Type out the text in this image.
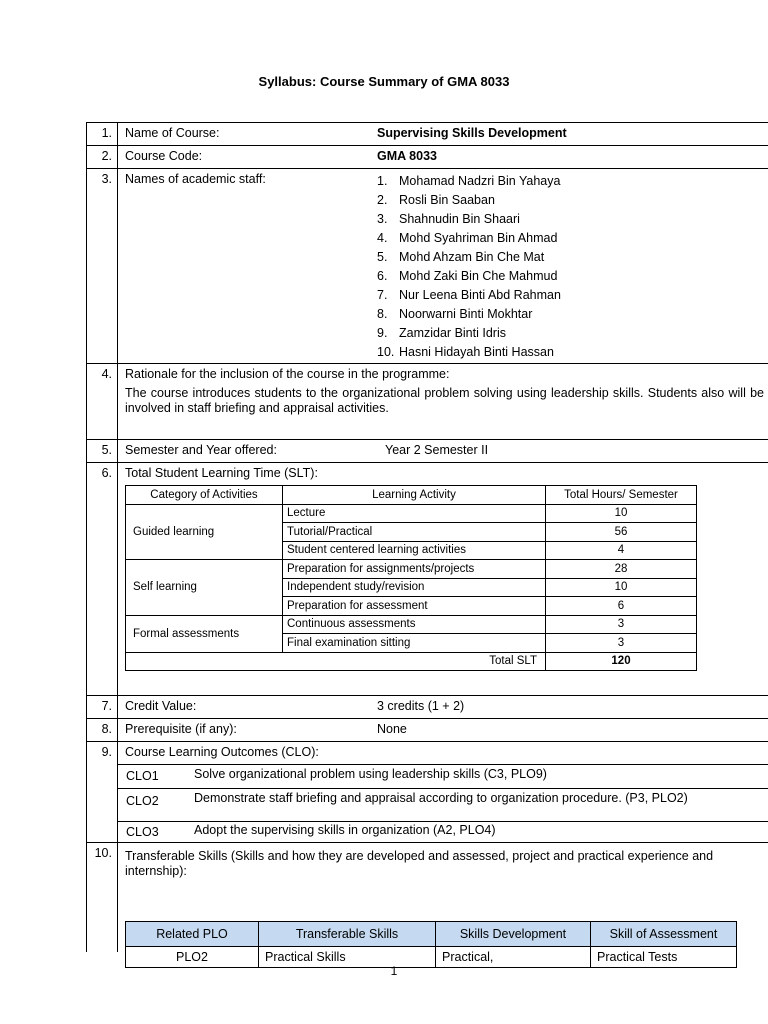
Syllabus: Course Summary of GMA 8033
1.	Name of Course:	Supervising Skills Development
2.	Course Code:	GMA 8033
3.	Names of academic staff:	1. Mohamad Nadzri Bin Yahaya
2. Rosli Bin Saaban
3. Shahnudin Bin Shaari
4. Mohd Syahriman Bin Ahmad
5. Mohd Ahzam Bin Che Mat
6. Mohd Zaki Bin Che Mahmud
7. Nur Leena Binti Abd Rahman
8. Noorwarni Binti Mokhtar
9. Zamzidar Binti Idris
10. Hasni Hidayah Binti Hassan
4.	Rationale for the inclusion of the course in the programme:
The course introduces students to the organizational problem solving using leadership skills. Students also will be involved in staff briefing and appraisal activities.
5.	Semester and Year offered:	Year 2 Semester II
6.	Total Student Learning Time (SLT):
Category of Activities	Learning Activity	Total Hours/ Semester
Guided learning	Lecture	10
	Tutorial/Practical	56
	Student centered learning activities	4
Self learning	Preparation for assignments/projects	28
	Independent study/revision	10
	Preparation for assessment	6
Formal assessments	Continuous assessments	3
	Final examination sitting	3
Total SLT		120
7.	Credit Value:	3 credits (1 + 2)
8.	Prerequisite (if any):	None
9.	Course Learning Outcomes (CLO):
CLO1	Solve organizational problem using leadership skills (C3, PLO9)
CLO2	Demonstrate staff briefing and appraisal according to organization procedure. (P3, PLO2)
CLO3	Adopt the supervising skills in organization (A2, PLO4)
10.	Transferable Skills (Skills and how they are developed and assessed, project and practical experience and internship):
Related PLO	Transferable Skills	Skills Development	Skill of Assessment
PLO2	Practical Skills	Practical,	Practical Tests
1
